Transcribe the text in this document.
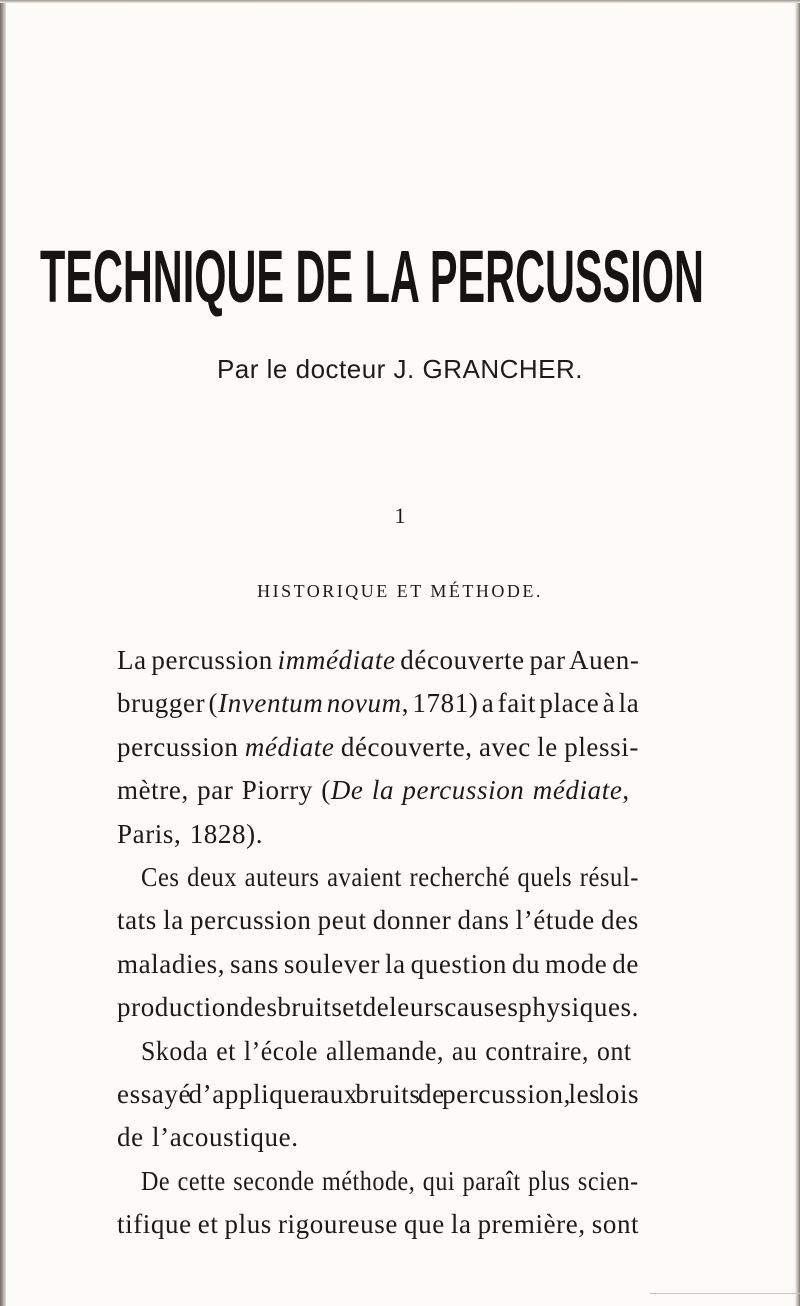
TECHNIQUE DE LA PERCUSSION
Par le docteur J. GRANCHER.
1
HISTORIQUE ET MÉTHODE.
La percussion immédiate découverte par Auen-
brugger (Inventum novum, 1781) a fait place à la
percussion médiate découverte, avec le plessi-
mètre, par Piorry (De la percussion médiate,
Paris, 1828).
Ces deux auteurs avaient recherché quels résul-
tats la percussion peut donner dans l’étude des
maladies, sans soulever la question du mode de
production des bruits et de leurs causes physiques.
Skoda et l’école allemande, au contraire, ont
essayé d’appliquer aux bruits de percussion, les lois
de l’acoustique.
De cette seconde méthode, qui paraît plus scien-
tifique et plus rigoureuse que la première, sont
